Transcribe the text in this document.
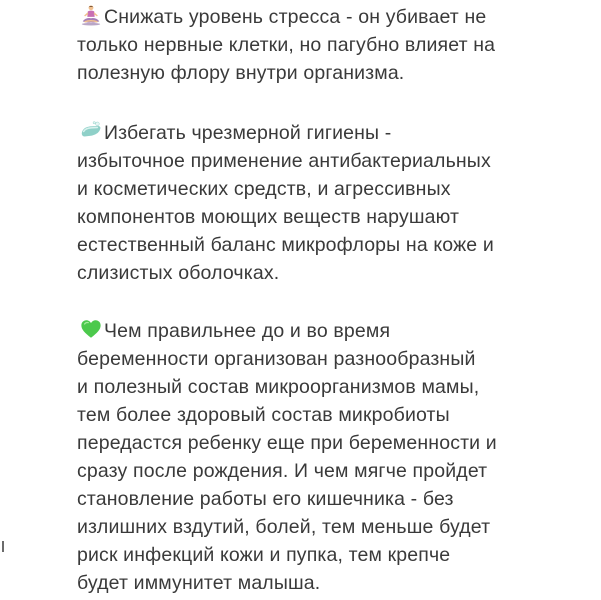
Снижать уровень стресса - он убивает не
только нервные клетки, но пагубно влияет на
полезную флору внутри организма.
Избегать чрезмерной гигиены -
избыточное применение антибактериальных
и косметических средств, и агрессивных
компонентов моющих веществ нарушают
естественный баланс микрофлоры на коже и
слизистых оболочках.
Чем правильнее до и во время
беременности организован разнообразный
и полезный состав микроорганизмов мамы,
тем более здоровый состав микробиоты
передастся ребенку еще при беременности и
сразу после рождения. И чем мягче пройдет
становление работы его кишечника - без
излишних вздутий, болей, тем меньше будет
риск инфекций кожи и пупка, тем крепче
будет иммунитет малыша.
